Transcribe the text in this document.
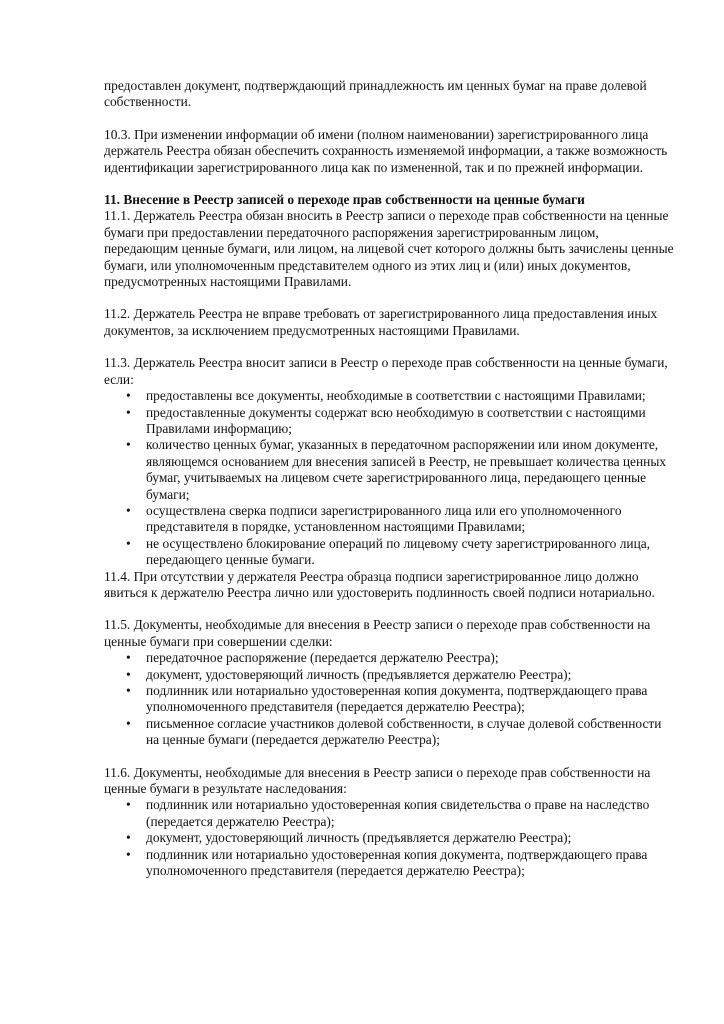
предоставлен документ, подтверждающий принадлежность им ценных бумаг на праве долевой собственности.

10.3. При изменении информации об имени (полном наименовании) зарегистрированного лица держатель Реестра обязан обеспечить сохранность изменяемой информации, а также возможность идентификации зарегистрированного лица как по измененной, так и по прежней информации.

11. Внесение в Реестр записей о переходе прав собственности на ценные бумаги

11.1. Держатель Реестра обязан вносить в Реестр записи о переходе прав собственности на ценные бумаги при предоставлении передаточного распоряжения зарегистрированным лицом, передающим ценные бумаги, или лицом, на лицевой счет которого должны быть зачислены ценные бумаги, или уполномоченным представителем одного из этих лиц и (или) иных документов, предусмотренных настоящими Правилами.

11.2. Держатель Реестра не вправе требовать от зарегистрированного лица предоставления иных документов, за исключением предусмотренных настоящими Правилами.

11.3. Держатель Реестра вносит записи в Реестр о переходе прав собственности на ценные бумаги, если:

• предоставлены все документы, необходимые в соответствии с настоящими Правилами;
• предоставленные документы содержат всю необходимую в соответствии с настоящими Правилами информацию;
• количество ценных бумаг, указанных в передаточном распоряжении или ином документе, являющемся основанием для внесения записей в Реестр, не превышает количества ценных бумаг, учитываемых на лицевом счете зарегистрированного лица, передающего ценные бумаги;
• осуществлена сверка подписи зарегистрированного лица или его уполномоченного представителя в порядке, установленном настоящими Правилами;
• не осуществлено блокирование операций по лицевому счету зарегистрированного лица, передающего ценные бумаги.

11.4. При отсутствии у держателя Реестра образца подписи зарегистрированное лицо должно явиться к держателю Реестра лично или удостоверить подлинность своей подписи нотариально.

11.5. Документы, необходимые для внесения в Реестр записи о переходе прав собственности на ценные бумаги при совершении сделки:

• передаточное распоряжение (передается держателю Реестра);
• документ, удостоверяющий личность (предъявляется держателю Реестра);
• подлинник или нотариально удостоверенная копия документа, подтверждающего права уполномоченного представителя (передается держателю Реестра);
• письменное согласие участников долевой собственности, в случае долевой собственности на ценные бумаги (передается держателю Реестра);

11.6. Документы, необходимые для внесения в Реестр записи о переходе прав собственности на ценные бумаги в результате наследования:

• подлинник или нотариально удостоверенная копия свидетельства о праве на наследство (передается держателю Реестра);
• документ, удостоверяющий личность (предъявляется держателю Реестра);
• подлинник или нотариально удостоверенная копия документа, подтверждающего права уполномоченного представителя (передается держателю Реестра);
